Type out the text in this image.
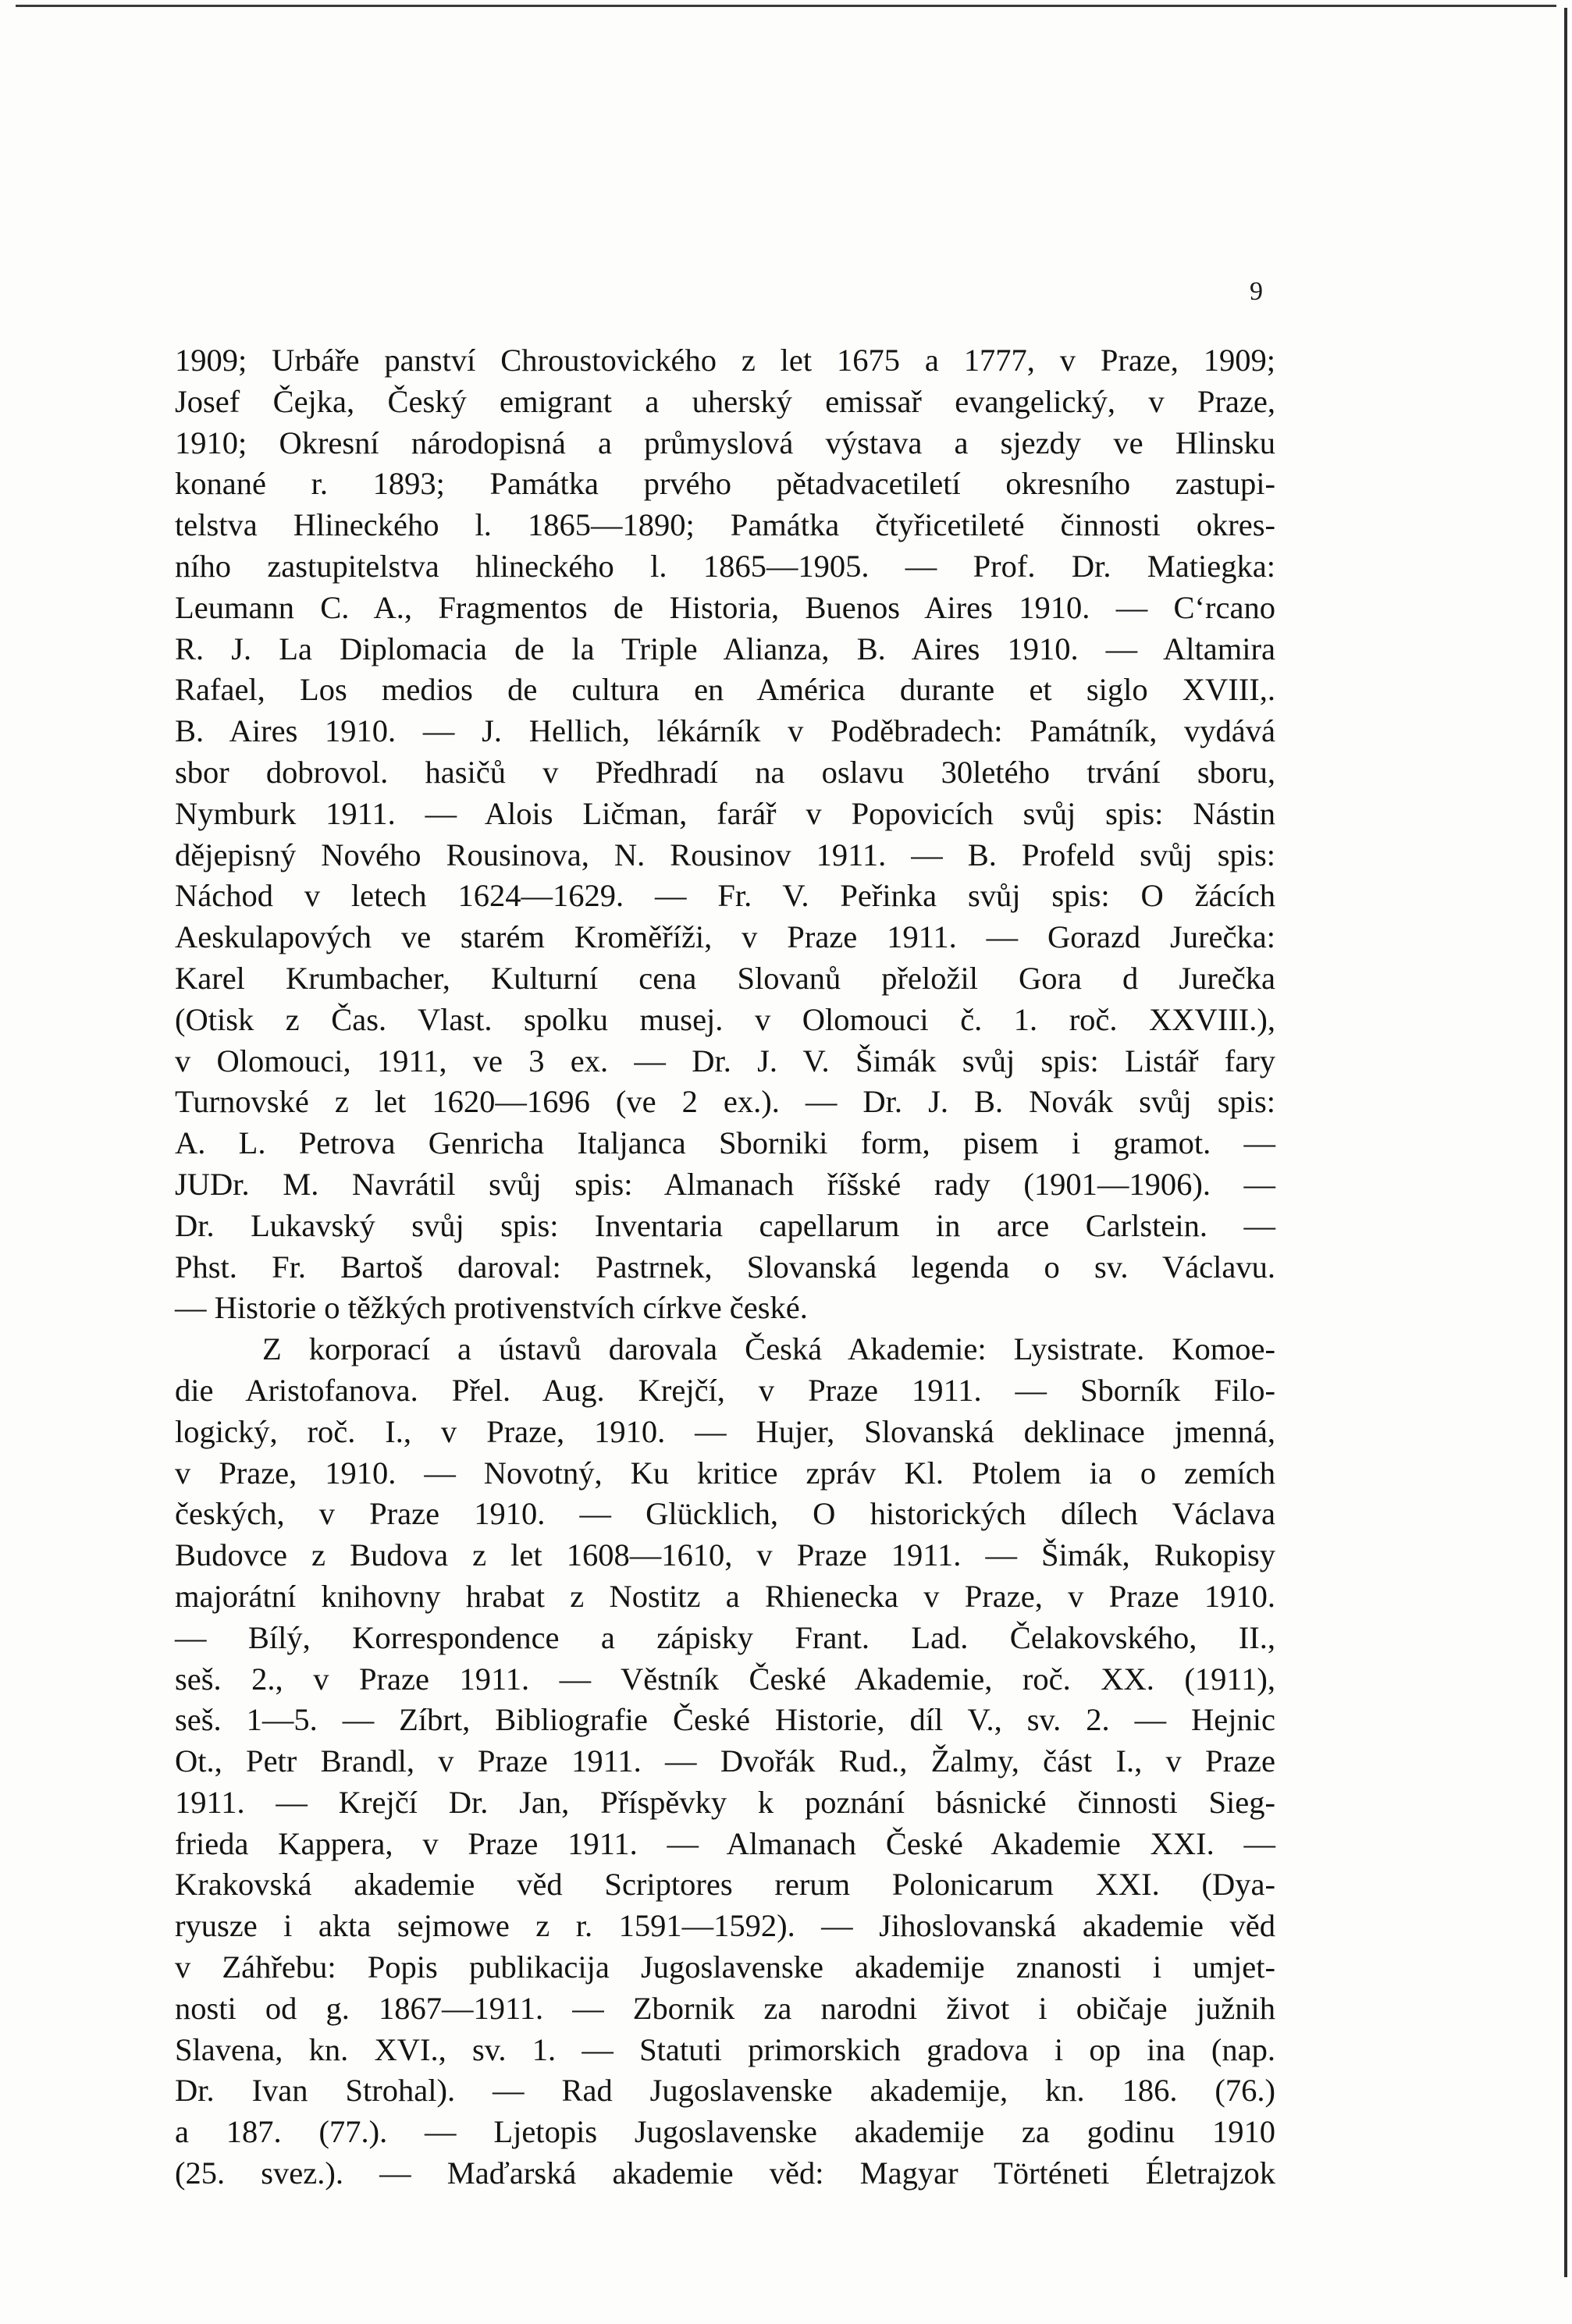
9
1909; Urbáře panství Chroustovického z let 1675 a 1777, v Praze, 1909;
Josef Čejka, Český emigrant a uherský emissař evangelický, v Praze,
1910; Okresní národopisná a průmyslová výstava a sjezdy ve Hlinsku
konané r. 1893; Památka prvého pětadvacetiletí okresního zastupi-
telstva Hlineckého l. 1865—1890; Památka čtyřicetileté činnosti okres-
ního zastupitelstva hlineckého l. 1865—1905. — Prof. Dr. Matiegka:
Leumann C. A., Fragmentos de Historia, Buenos Aires 1910. — C‘rcano
R. J. La Diplomacia de la Triple Alianza, B. Aires 1910. — Altamira
Rafael, Los medios de cultura en América durante et siglo XVIII,.
B. Aires 1910. — J. Hellich, lékárník v Poděbradech: Památník, vydává
sbor dobrovol. hasičů v Předhradí na oslavu 30letého trvání sboru,
Nymburk 1911. — Alois Ličman, farář v Popovicích svůj spis: Nástin
dějepisný Nového Rousinova, N. Rousinov 1911. — B. Profeld svůj spis:
Náchod v letech 1624—1629. — Fr. V. Peřinka svůj spis: O žácích
Aeskulapových ve starém Kroměříži, v Praze 1911. — Gorazd Jurečka:
Karel Krumbacher, Kulturní cena Slovanů přeložil Gora d Jurečka
(Otisk z Čas. Vlast. spolku musej. v Olomouci č. 1. roč. XXVIII.),
v Olomouci, 1911, ve 3 ex. — Dr. J. V. Šimák svůj spis: Listář fary
Turnovské z let 1620—1696 (ve 2 ex.). — Dr. J. B. Novák svůj spis:
A. L. Petrova Genricha Italjanca Sborniki form, pisem i gramot. —
JUDr. M. Navrátil svůj spis: Almanach říšské rady (1901—1906). —
Dr. Lukavský svůj spis: Inventaria capellarum in arce Carlstein. —
Phst. Fr. Bartoš daroval: Pastrnek, Slovanská legenda o sv. Václavu.
— Historie o těžkých protivenstvích církve české.
Z korporací a ústavů darovala Česká Akademie: Lysistrate. Komoe-
die Aristofanova. Přel. Aug. Krejčí, v Praze 1911. — Sborník Filo-
logický, roč. I., v Praze, 1910. — Hujer, Slovanská deklinace jmenná,
v Praze, 1910. — Novotný, Ku kritice zpráv Kl. Ptolem ia o zemích
českých, v Praze 1910. — Glücklich, O historických dílech Václava
Budovce z Budova z let 1608—1610, v Praze 1911. — Šimák, Rukopisy
majorátní knihovny hrabat z Nostitz a Rhienecka v Praze, v Praze 1910.
— Bílý, Korrespondence a zápisky Frant. Lad. Čelakovského, II.,
seš. 2., v Praze 1911. — Věstník České Akademie, roč. XX. (1911),
seš. 1—5. — Zíbrt, Bibliografie České Historie, díl V., sv. 2. — Hejnic
Ot., Petr Brandl, v Praze 1911. — Dvořák Rud., Žalmy, část I., v Praze
1911. — Krejčí Dr. Jan, Příspěvky k poznání básnické činnosti Sieg-
frieda Kappera, v Praze 1911. — Almanach České Akademie XXI. —
Krakovská akademie věd Scriptores rerum Polonicarum XXI. (Dya-
ryusze i akta sejmowe z r. 1591—1592). — Jihoslovanská akademie věd
v Záhřebu: Popis publikacija Jugoslavenske akademije znanosti i umjet-
nosti od g. 1867—1911. — Zbornik za narodni život i običaje južnih
Slavena, kn. XVI., sv. 1. — Statuti primorskich gradova i op ina (nap.
Dr. Ivan Strohal). — Rad Jugoslavenske akademije, kn. 186. (76.)
a 187. (77.). — Ljetopis Jugoslavenske akademije za godinu 1910
(25. svez.). — Maďarská akademie věd: Magyar Történeti Életrajzok
